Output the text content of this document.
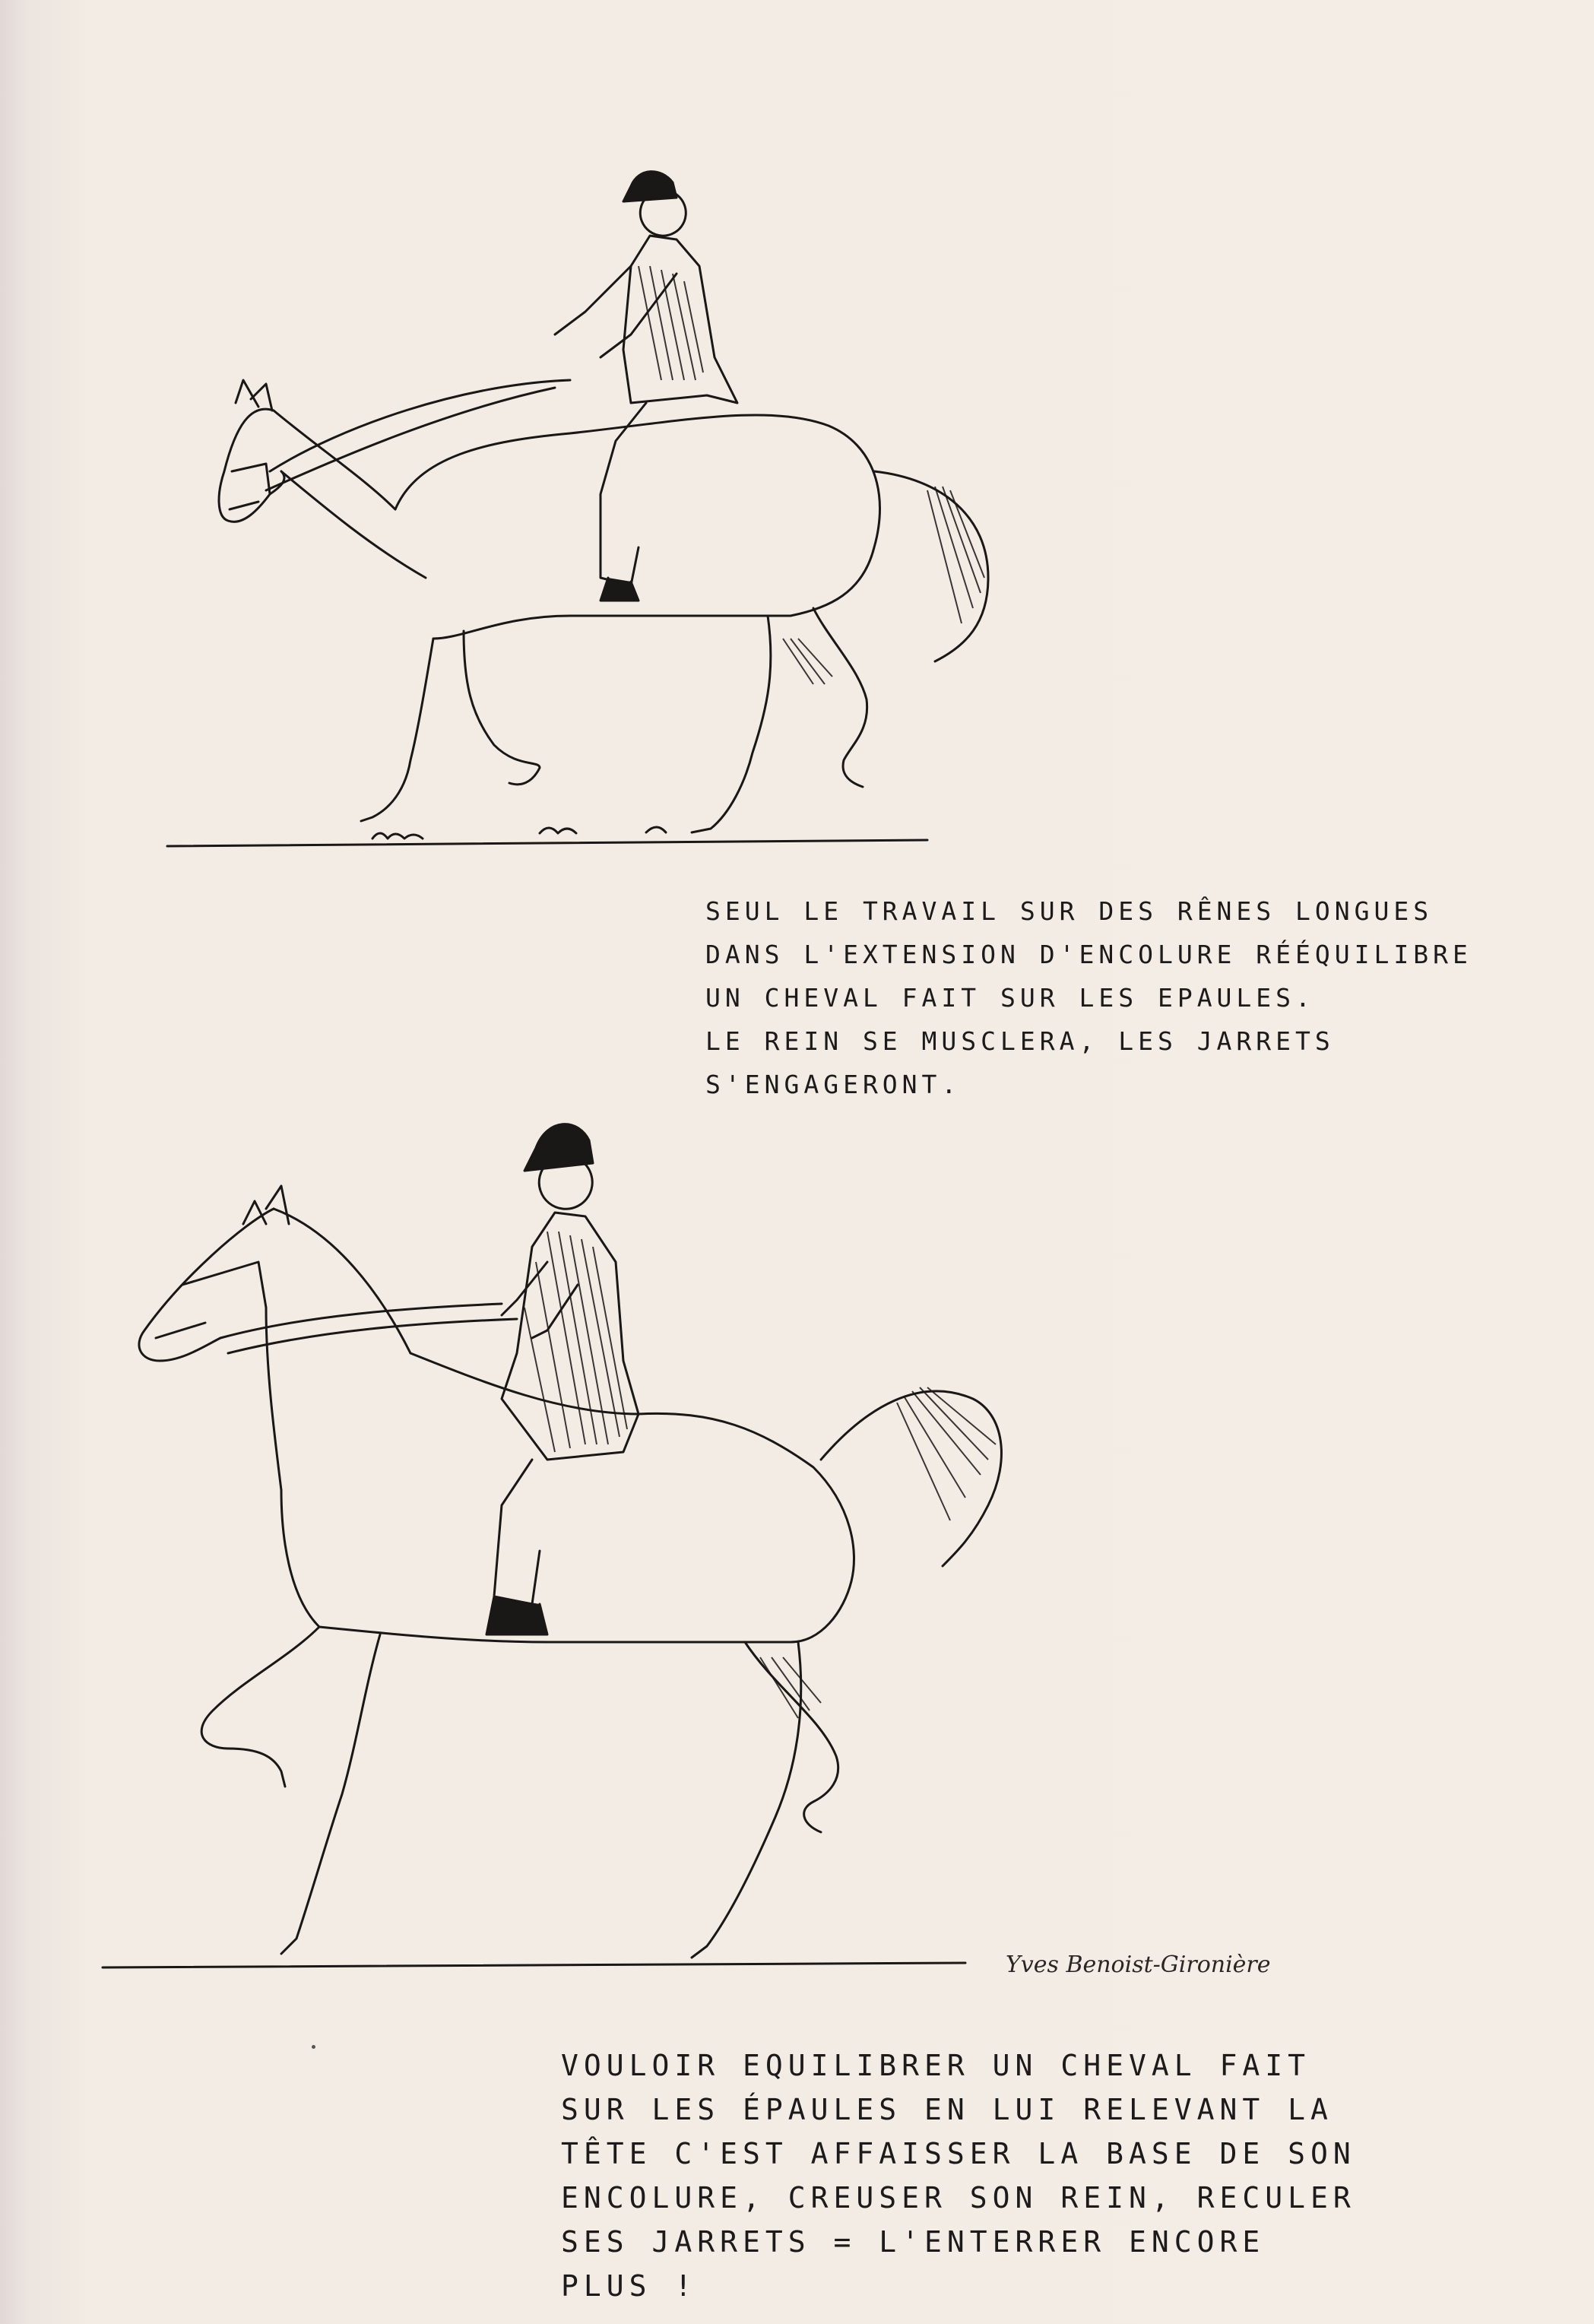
SEUL LE TRAVAIL SUR DES RÊNES LONGUES
DANS L'EXTENSION D'ENCOLURE RÉÉQUILIBRE
UN CHEVAL FAIT SUR LES EPAULES.
LE REIN SE MUSCLERA, LES JARRETS
S'ENGAGERONT.
Yves Benoist-Gironière
VOULOIR EQUILIBRER UN CHEVAL FAIT
SUR LES ÉPAULES EN LUI RELEVANT LA
TÊTE C'EST AFFAISSER LA BASE DE SON
ENCOLURE, CREUSER SON REIN, RECULER
SES JARRETS = L'ENTERRER ENCORE
PLUS !
